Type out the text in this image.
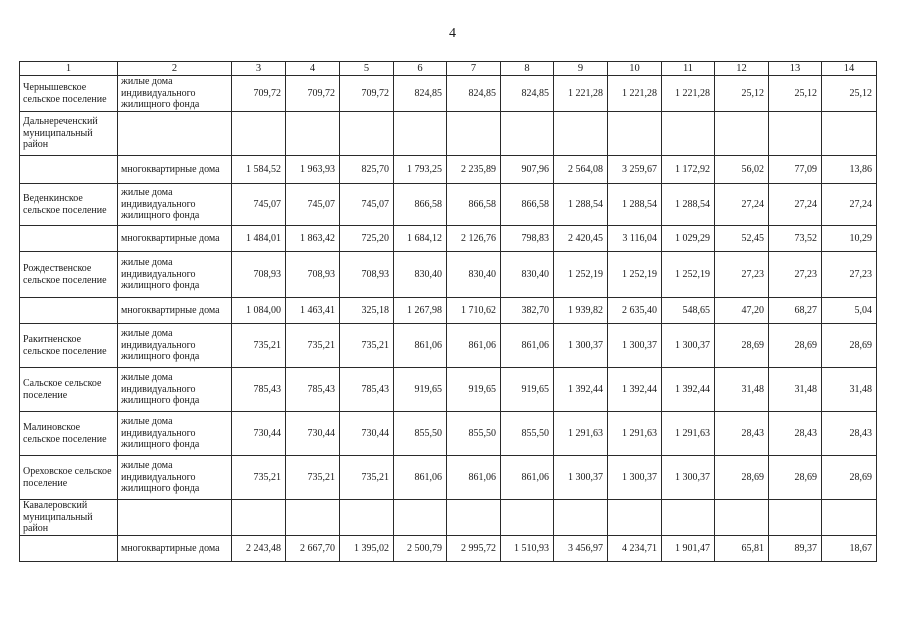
4
1	2	3	4	5	6	7	8	9	10	11	12	13	14
Чернышевское сельское поселение	жилые дома индивидуального жилищного фонда	709,72	709,72	709,72	824,85	824,85	824,85	1 221,28	1 221,28	1 221,28	25,12	25,12	25,12
Дальнереченский муниципальный район													
	многоквартирные дома	1 584,52	1 963,93	825,70	1 793,25	2 235,89	907,96	2 564,08	3 259,67	1 172,92	56,02	77,09	13,86
Веденкинское сельское поселение	жилые дома индивидуального жилищного фонда	745,07	745,07	745,07	866,58	866,58	866,58	1 288,54	1 288,54	1 288,54	27,24	27,24	27,24
	многоквартирные дома	1 484,01	1 863,42	725,20	1 684,12	2 126,76	798,83	2 420,45	3 116,04	1 029,29	52,45	73,52	10,29
Рождественское сельское поселение	жилые дома индивидуального жилищного фонда	708,93	708,93	708,93	830,40	830,40	830,40	1 252,19	1 252,19	1 252,19	27,23	27,23	27,23
	многоквартирные дома	1 084,00	1 463,41	325,18	1 267,98	1 710,62	382,70	1 939,82	2 635,40	548,65	47,20	68,27	5,04
Ракитненское сельское поселение	жилые дома индивидуального жилищного фонда	735,21	735,21	735,21	861,06	861,06	861,06	1 300,37	1 300,37	1 300,37	28,69	28,69	28,69
Сальское сельское поселение	жилые дома индивидуального жилищного фонда	785,43	785,43	785,43	919,65	919,65	919,65	1 392,44	1 392,44	1 392,44	31,48	31,48	31,48
Малиновское сельское поселение	жилые дома индивидуального жилищного фонда	730,44	730,44	730,44	855,50	855,50	855,50	1 291,63	1 291,63	1 291,63	28,43	28,43	28,43
Ореховское сельское поселение	жилые дома индивидуального жилищного фонда	735,21	735,21	735,21	861,06	861,06	861,06	1 300,37	1 300,37	1 300,37	28,69	28,69	28,69
Кавалеровский муниципальный район													
	многоквартирные дома	2 243,48	2 667,70	1 395,02	2 500,79	2 995,72	1 510,93	3 456,97	4 234,71	1 901,47	65,81	89,37	18,67
